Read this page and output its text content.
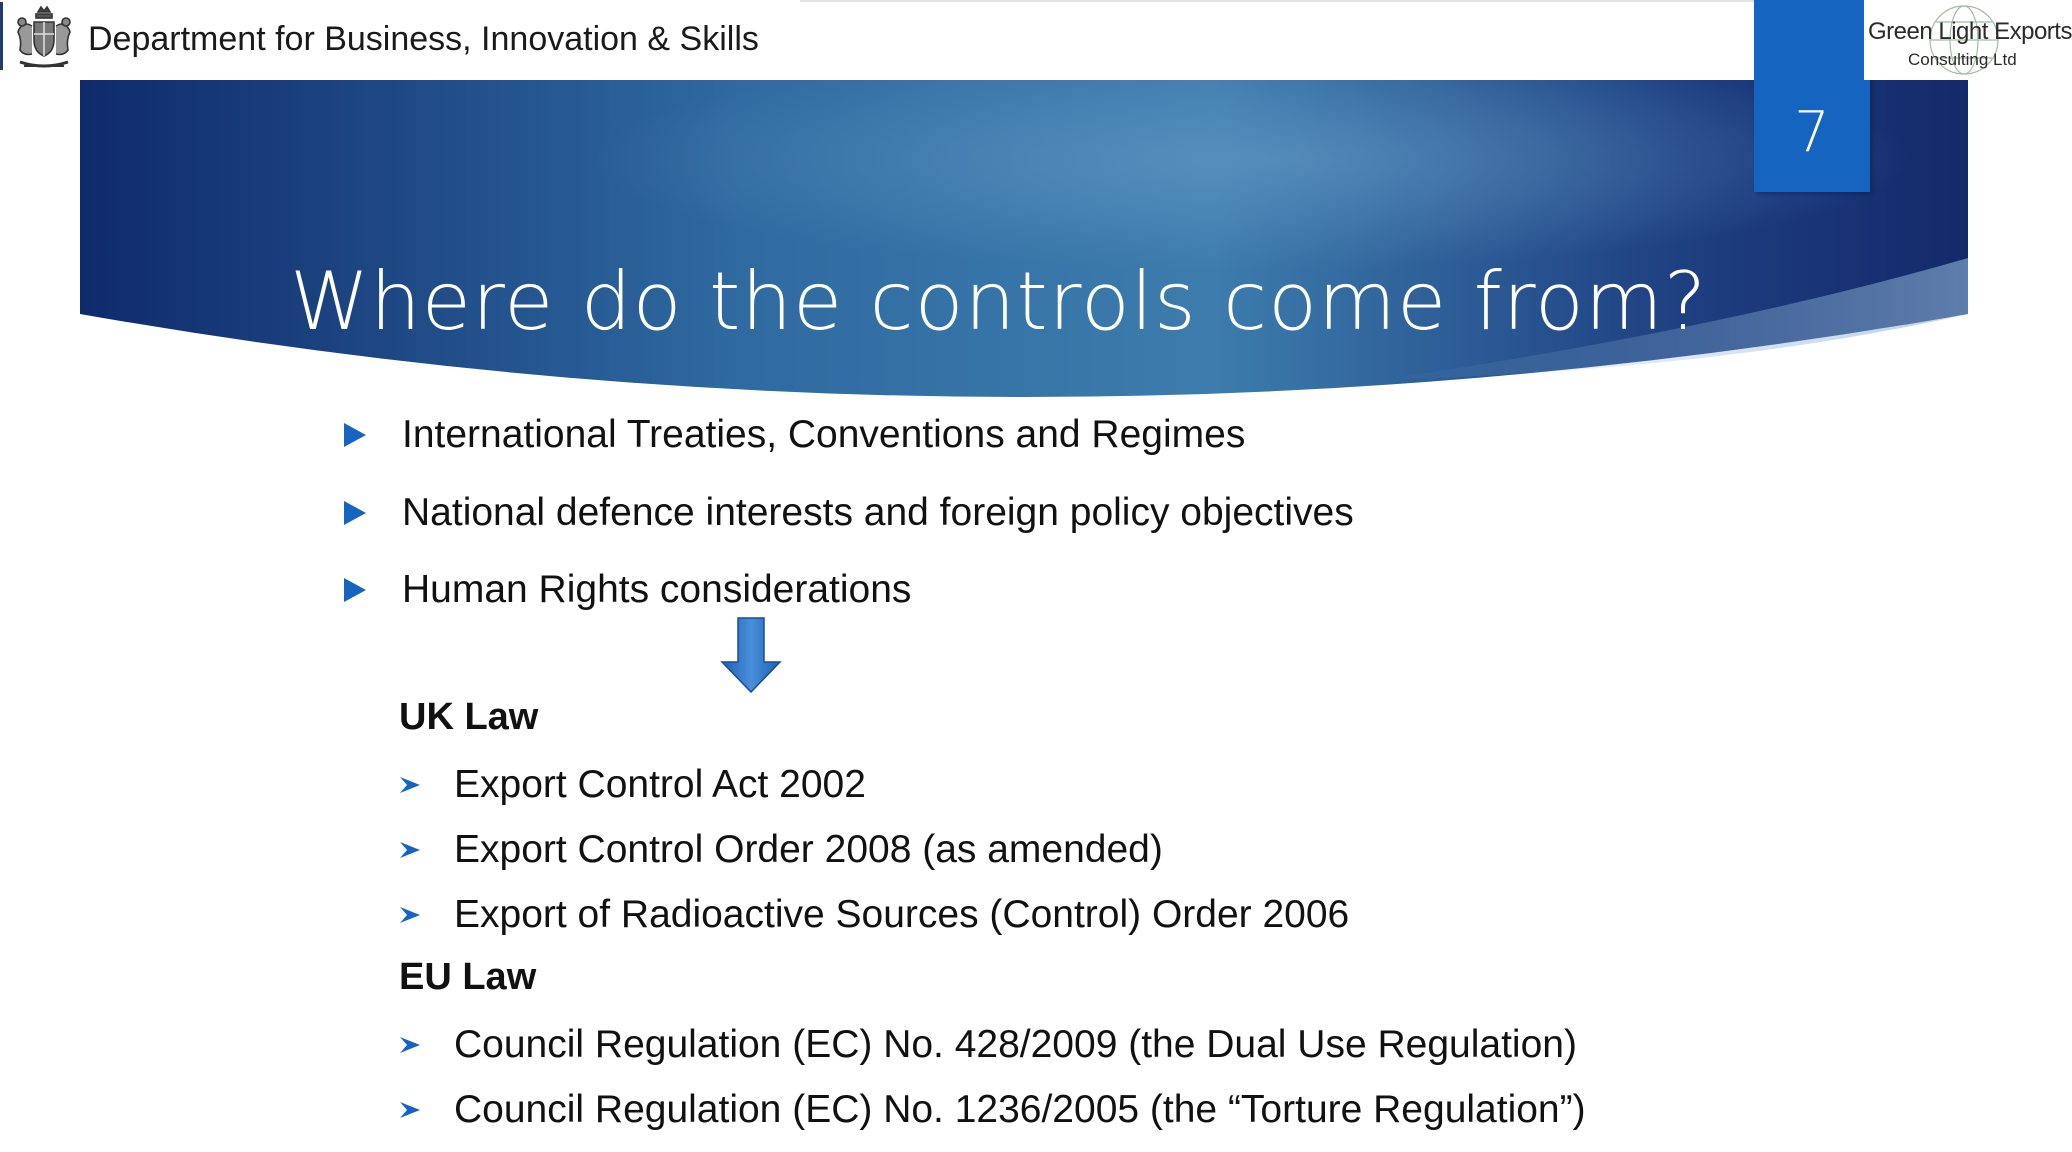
Department for Business, Innovation & Skills
Where do the controls come from?
7
Green Light Exports
Consulting Ltd
International Treaties, Conventions and Regimes
National defence interests and foreign policy objectives
Human Rights considerations
UK Law
Export Control Act 2002
Export Control Order 2008 (as amended)
Export of Radioactive Sources (Control) Order 2006
EU Law
Council Regulation (EC) No. 428/2009 (the Dual Use Regulation)
Council Regulation (EC) No. 1236/2005 (the “Torture Regulation”)
